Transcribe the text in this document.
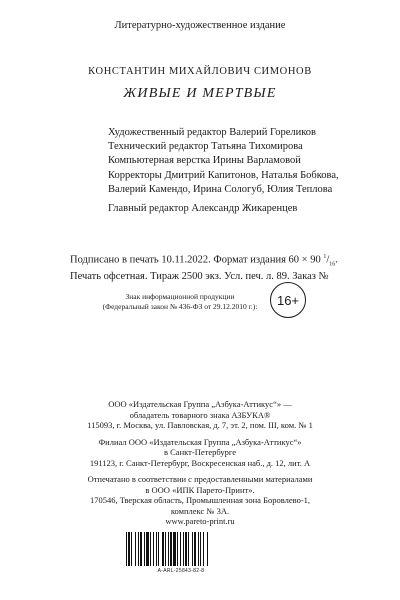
Литературно-художественное издание
КОНСТАНТИН МИХАЙЛОВИЧ СИМОНОВ
ЖИВЫЕ И МЕРТВЫЕ
Художественный редактор Валерий Гореликов
Технический редактор Татьяна Тихомирова
Компьютерная верстка Ирины Варламовой
Корректоры Дмитрий Капитонов, Наталья Бобкова,
Валерий Камендо, Ирина Сологуб, Юлия Теплова
Главный редактор Александр Жикаренцев
Подписано в печать 10.11.2022. Формат издания 60 × 90 $^1/_{16}$.
Печать офсетная. Тираж 2500 экз. Усл. печ. л. 89. Заказ №
Знак информационной продукции
(Федеральный закон № 436-ФЗ от 29.12.2010 г.): 16+
ООО «Издательская Группа „Азбука-Аттикус“» —
обладатель товарного знака АЗБУКА®
115093, г. Москва, ул. Павловская, д. 7, эт. 2, пом. III, ком. № 1
Филиал ООО «Издательская Группа „Азбука-Аттикус“»
в Санкт-Петербурге
191123, г. Санкт-Петербург, Воскресенская наб., д. 12, лит. А
Отпечатано в соответствии с предоставленными материалами
в ООО «ИПК Парето-Принт».
170546, Тверская область, Промышленная зона Боровлево-1,
комплекс № 3А.
www.pareto-print.ru
А-ARL-25843-82-8
